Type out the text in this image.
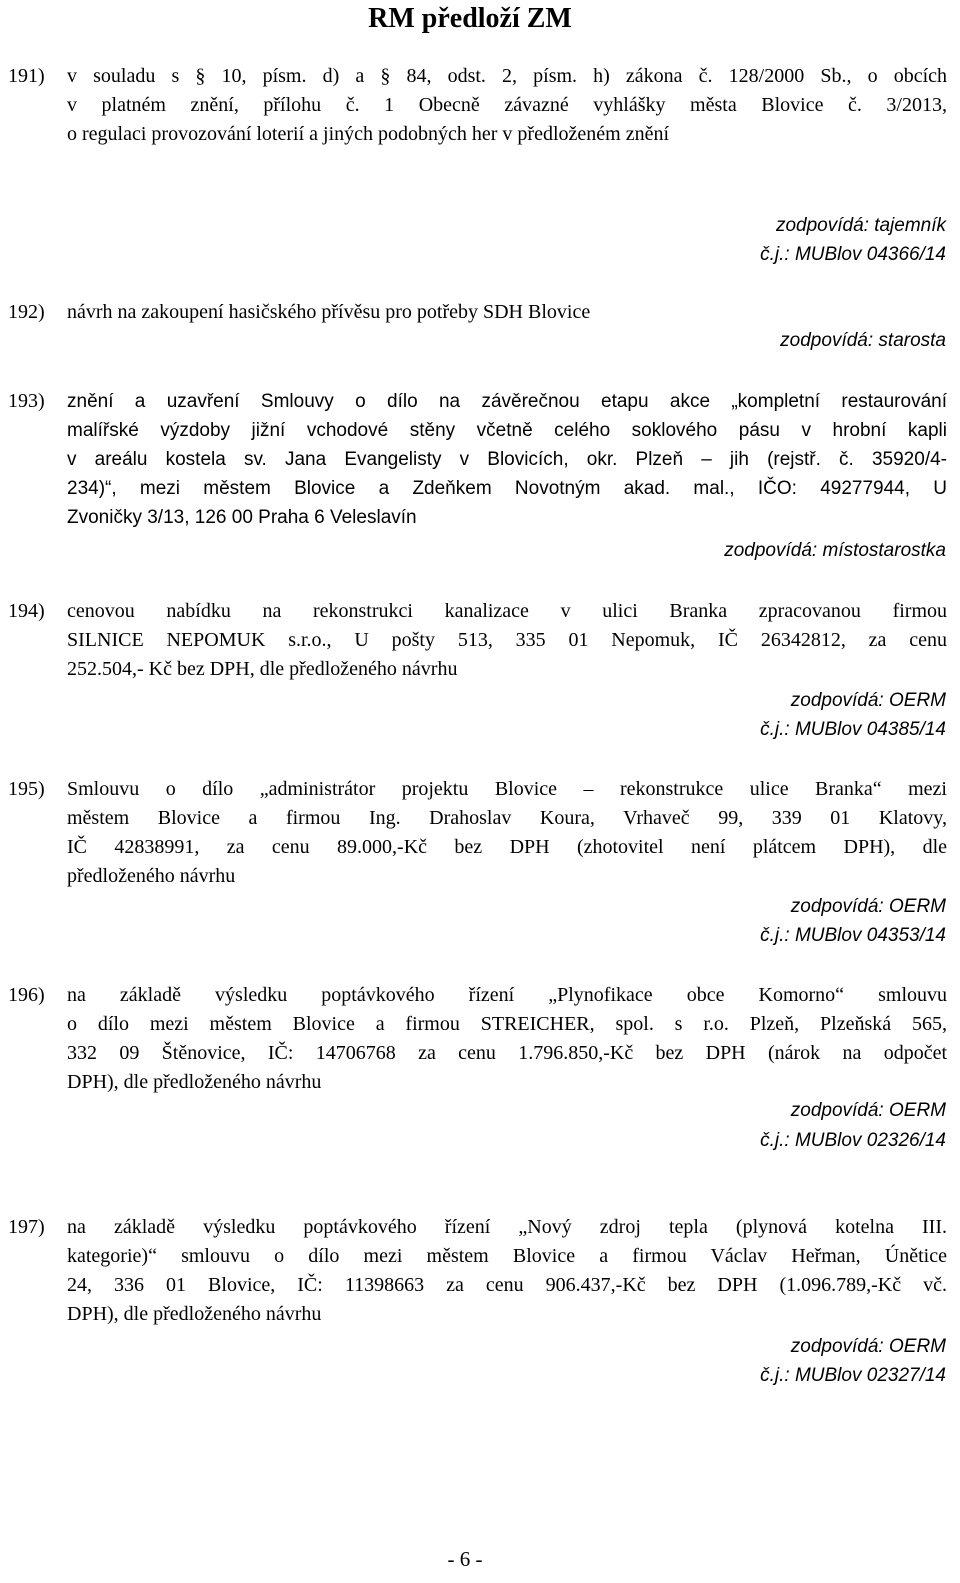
RM předloží ZM
191) v souladu s § 10, písm. d) a § 84, odst. 2, písm. h) zákona č. 128/2000 Sb., o obcích
v platném znění, přílohu č. 1 Obecně závazné vyhlášky města Blovice č. 3/2013,
o regulaci provozování loterií a jiných podobných her v předloženém znění
zodpovídá: tajemník
č.j.: MUBlov 04366/14
192) návrh na zakoupení hasičského přívěsu pro potřeby SDH Blovice
zodpovídá: starosta
193) znění a uzavření Smlouvy o dílo na závěrečnou etapu akce „kompletní restaurování
malířské výzdoby jižní vchodové stěny včetně celého soklového pásu v hrobní kapli
v areálu kostela sv. Jana Evangelisty v Blovicích, okr. Plzeň – jih (rejstř. č. 35920/4-
234)“, mezi městem Blovice a Zdeňkem Novotným akad. mal., IČO: 49277944, U
Zvoničky 3/13, 126 00 Praha 6 Veleslavín
zodpovídá: místostarostka
194) cenovou nabídku na rekonstrukci kanalizace v ulici Branka zpracovanou firmou
SILNICE NEPOMUK s.r.o., U pošty 513, 335 01 Nepomuk, IČ 26342812, za cenu
252.504,- Kč bez DPH, dle předloženého návrhu
zodpovídá: OERM
č.j.: MUBlov 04385/14
195) Smlouvu o dílo „administrátor projektu Blovice – rekonstrukce ulice Branka“ mezi
městem Blovice a firmou Ing. Drahoslav Koura, Vrhaveč 99, 339 01 Klatovy,
IČ 42838991, za cenu 89.000,-Kč bez DPH (zhotovitel není plátcem DPH), dle
předloženého návrhu
zodpovídá: OERM
č.j.: MUBlov 04353/14
196) na základě výsledku poptávkového řízení „Plynofikace obce Komorno“ smlouvu
o dílo mezi městem Blovice a firmou STREICHER, spol. s r.o. Plzeň, Plzeňská 565,
332 09 Štěnovice, IČ: 14706768 za cenu 1.796.850,-Kč bez DPH (nárok na odpočet
DPH), dle předloženého návrhu
zodpovídá: OERM
č.j.: MUBlov 02326/14
197) na základě výsledku poptávkového řízení „Nový zdroj tepla (plynová kotelna III.
kategorie)“ smlouvu o dílo mezi městem Blovice a firmou Václav Heřman, Únětice
24, 336 01 Blovice, IČ: 11398663 za cenu 906.437,-Kč bez DPH (1.096.789,-Kč vč.
DPH), dle předloženého návrhu
zodpovídá: OERM
č.j.: MUBlov 02327/14
- 6 -
